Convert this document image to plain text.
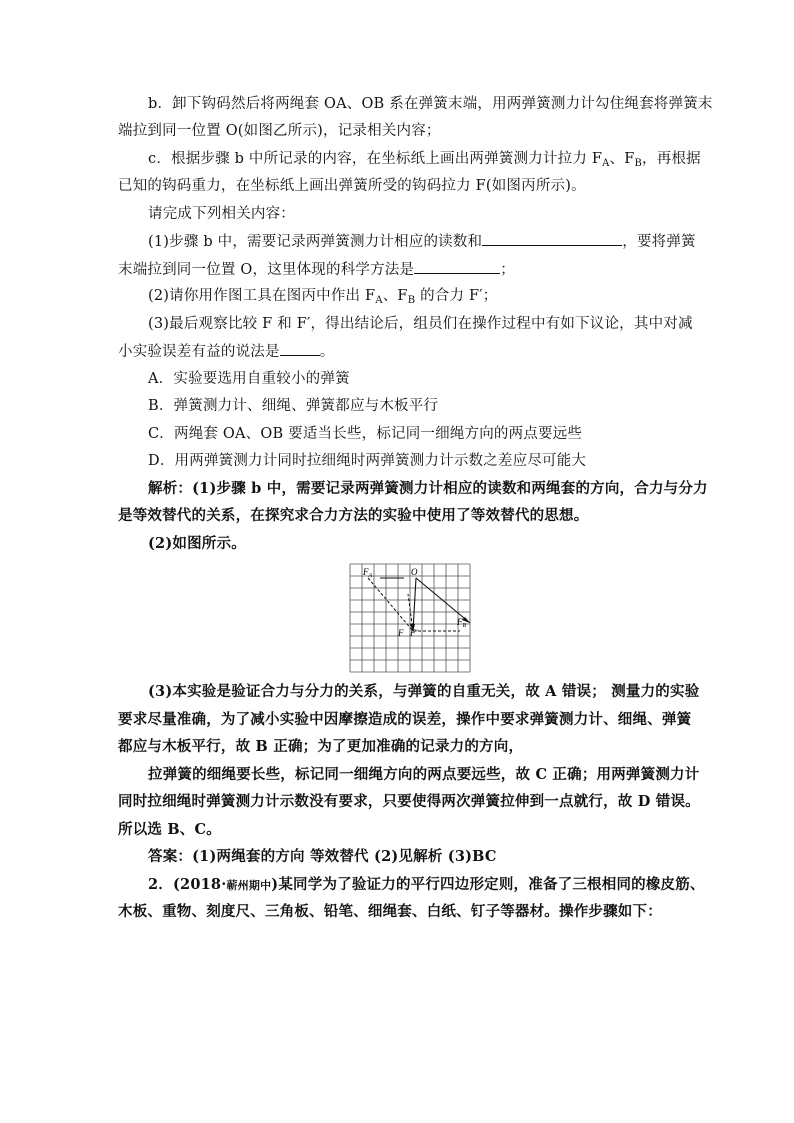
b．卸下钩码然后将两绳套 OA、OB 系在弹簧末端，用两弹簧测力计勾住绳套将弹簧末
端拉到同一位置 O(如图乙所示)，记录相关内容；
c．根据步骤 b 中所记录的内容，在坐标纸上画出两弹簧测力计拉力 $F_A$、$F_B$，再根据
已知的钩码重力，在坐标纸上画出弹簧所受的钩码拉力 F(如图丙所示)。
请完成下列相关内容：
(1)步骤 b 中，需要记录两弹簧测力计相应的读数和	，要将弹簧
末端拉到同一位置 O，这里体现的科学方法是	；
(2)请你用作图工具在图丙中作出 $F_A$、$F_B$ 的合力 F′；
(3)最后观察比较 F 和 F′，得出结论后，组员们在操作过程中有如下议论，其中对减
小实验误差有益的说法是	。
A．实验要选用自重较小的弹簧
B．弹簧测力计、细绳、弹簧都应与木板平行
C．两绳套 OA、OB 要适当长些，标记同一细绳方向的两点要远些
D．用两弹簧测力计同时拉细绳时两弹簧测力计示数之差应尽可能大
解析：(1)步骤 b 中，需要记录两弹簧测力计相应的读数和两绳套的方向，合力与分力
是等效替代的关系，在探究求合力方法的实验中使用了等效替代的思想。
(2)如图所示。
$F_A$	O
$F_B$
F F′
(3)本实验是验证合力与分力的关系，与弹簧的自重无关，故 A 错误； 测量力的实验
要求尽量准确，为了减小实验中因摩擦造成的误差，操作中要求弹簧测力计、细绳、弹簧
都应与木板平行，故 B 正确；为了更加准确的记录力的方向，
拉弹簧的细绳要长些，标记同一细绳方向的两点要远些，故 C 正确；用两弹簧测力计
同时拉细绳时弹簧测力计示数没有要求，只要使得两次弹簧拉伸到一点就行，故 D 错误。
所以选 B、C。
答案：(1)两绳套的方向 等效替代 (2)见解析 (3)BC
2．(2018·蕲州期中)某同学为了验证力的平行四边形定则，准备了三根相同的橡皮筋、
木板、重物、刻度尺、三角板、铅笔、细绳套、白纸、钉子等器材。操作步骤如下：
